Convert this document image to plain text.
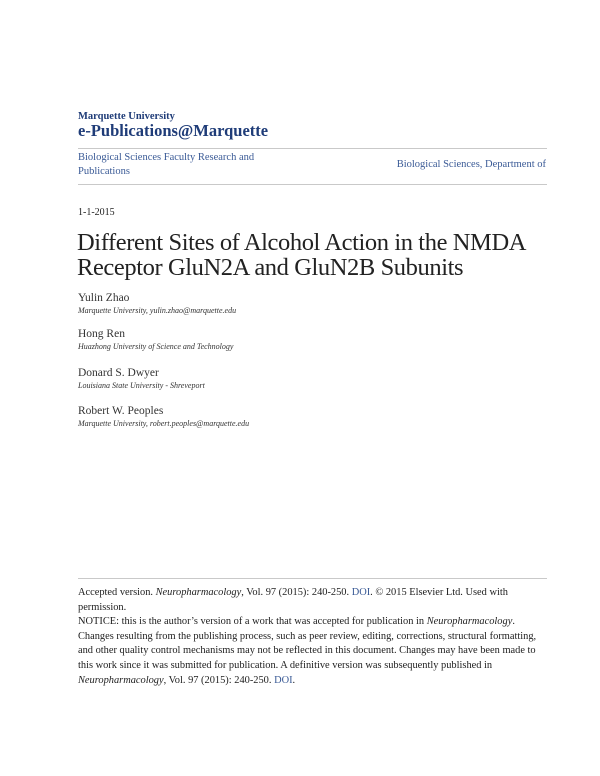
Marquette University
e-Publications@Marquette
Biological Sciences Faculty Research and Publications
Biological Sciences, Department of
1-1-2015
Different Sites of Alcohol Action in the NMDA Receptor GluN2A and GluN2B Subunits
Yulin Zhao
Marquette University, yulin.zhao@marquette.edu
Hong Ren
Huazhong University of Science and Technology
Donard S. Dwyer
Louisiana State University - Shreveport
Robert W. Peoples
Marquette University, robert.peoples@marquette.edu
Accepted version. Neuropharmacology, Vol. 97 (2015): 240-250. DOI. © 2015 Elsevier Ltd. Used with permission.
NOTICE: this is the author’s version of a work that was accepted for publication in Neuropharmacology. Changes resulting from the publishing process, such as peer review, editing, corrections, structural formatting, and other quality control mechanisms may not be reflected in this document. Changes may have been made to this work since it was submitted for publication. A definitive version was subsequently published in Neuropharmacology, Vol. 97 (2015): 240-250. DOI.
